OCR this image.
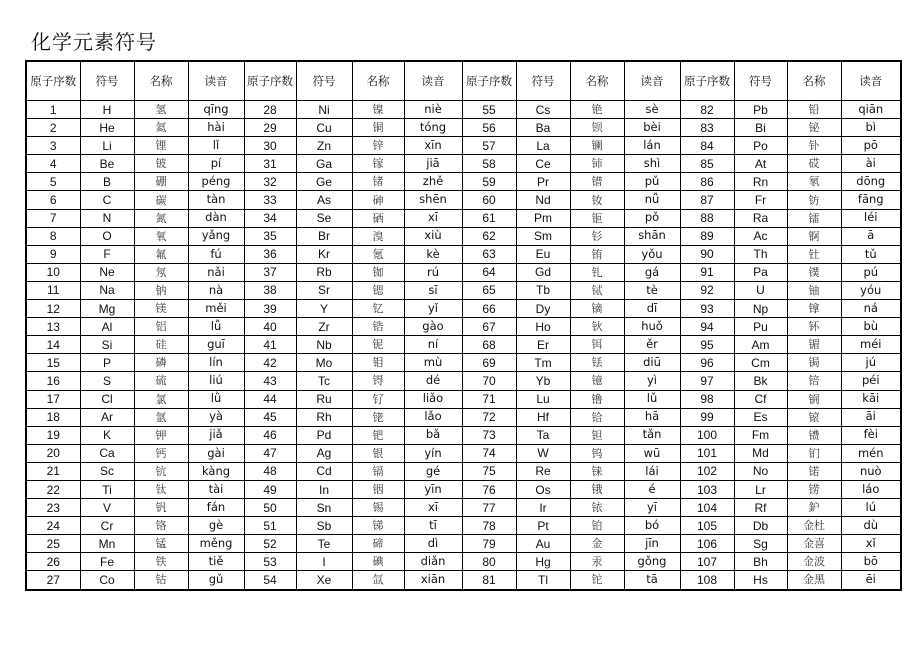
化学元素符号
原子序数	符号	名称	读音	原子序数	符号	名称	读音	原子序数	符号	名称	读音	原子序数	符号	名称	读音
1	H	氢	qīng	28	Ni	镍	niè	55	Cs	铯	sè	82	Pb	铅	qiān
2	He	氦	hài	29	Cu	铜	tóng	56	Ba	钡	bèi	83	Bi	铋	bì
3	Li	锂	lǐ	30	Zn	锌	xīn	57	La	镧	lán	84	Po	钋	pō
4	Be	铍	pí	31	Ga	镓	jiā	58	Ce	铈	shì	85	At	砹	ài
5	B	硼	péng	32	Ge	锗	zhě	59	Pr	镨	pǔ	86	Rn	氡	dōng
6	C	碳	tàn	33	As	砷	shēn	60	Nd	钕	nǚ	87	Fr	钫	fāng
7	N	氮	dàn	34	Se	硒	xī	61	Pm	钷	pǒ	88	Ra	镭	léi
8	O	氧	yǎng	35	Br	溴	xiù	62	Sm	钐	shān	89	Ac	锕	ā
9	F	氟	fú	36	Kr	氪	kè	63	Eu	铕	yǒu	90	Th	钍	tǔ
10	Ne	氖	nǎi	37	Rb	铷	rú	64	Gd	钆	gá	91	Pa	镤	pú
11	Na	钠	nà	38	Sr	锶	sī	65	Tb	铽	tè	92	U	铀	yóu
12	Mg	镁	měi	39	Y	钇	yǐ	66	Dy	镝	dī	93	Np	镎	ná
13	Al	铝	lǚ	40	Zr	锆	gào	67	Ho	钬	huǒ	94	Pu	钚	bù
14	Si	硅	guī	41	Nb	铌	ní	68	Er	铒	ěr	95	Am	镅	méi
15	P	磷	lín	42	Mo	钼	mù	69	Tm	铥	diū	96	Cm	锔	jú
16	S	硫	liú	43	Tc	锝	dé	70	Yb	镱	yì	97	Bk	锫	péi
17	Cl	氯	lǜ	44	Ru	钌	liǎo	71	Lu	镥	lǔ	98	Cf	锎	kāi
18	Ar	氩	yà	45	Rh	铑	lǎo	72	Hf	铪	hā	99	Es	锿	āi
19	K	钾	jiǎ	46	Pd	钯	bǎ	73	Ta	钽	tǎn	100	Fm	镄	fèi
20	Ca	钙	gài	47	Ag	银	yín	74	W	钨	wū	101	Md	钔	mén
21	Sc	钪	kàng	48	Cd	镉	gé	75	Re	铼	lái	102	No	锘	nuò
22	Ti	钛	tài	49	In	铟	yīn	76	Os	锇	é	103	Lr	铹	láo
23	V	钒	fán	50	Sn	锡	xī	77	Ir	铱	yī	104	Rf	鈩	lú
24	Cr	铬	gè	51	Sb	锑	tī	78	Pt	铂	bó	105	Db	金杜	dù
25	Mn	锰	měng	52	Te	碲	dì	79	Au	金	jīn	106	Sg	金喜	xǐ
26	Fe	铁	tiě	53	I	碘	diǎn	80	Hg	汞	gǒng	107	Bh	金波	bō
27	Co	钴	gǔ	54	Xe	氙	xiān	81	Tl	铊	tā	108	Hs	金黑	ēi
